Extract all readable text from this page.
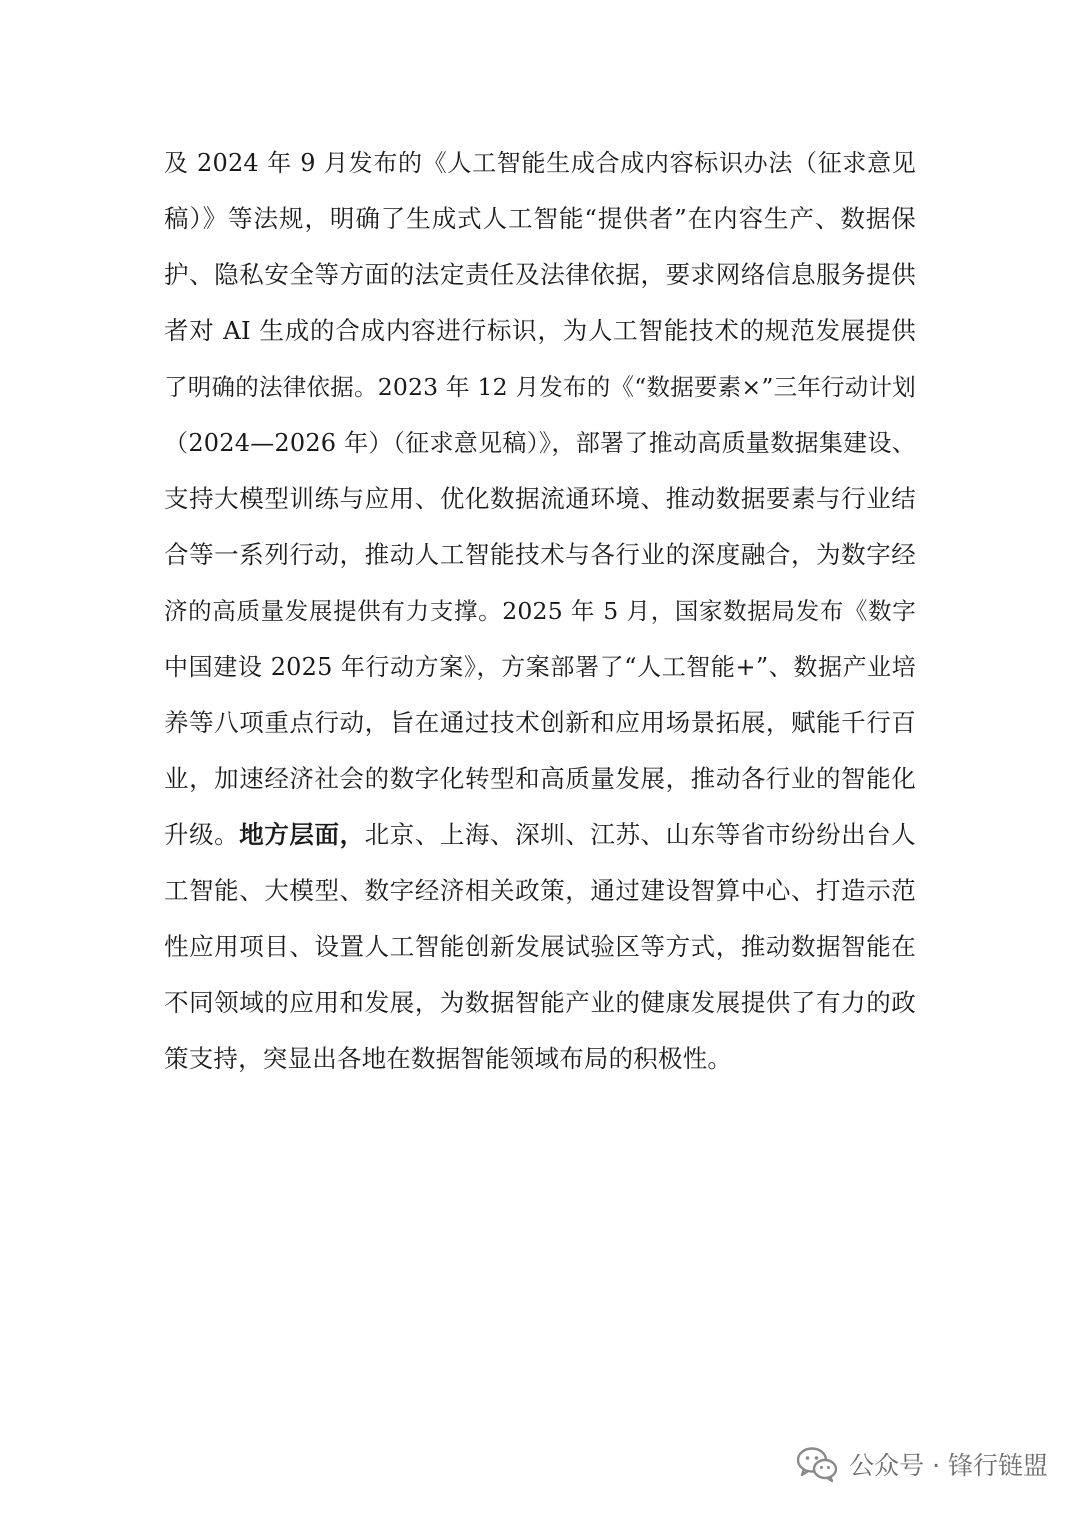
及 2024 年 9 月发布的《人工智能生成合成内容标识办法（征求意见
稿）》等法规，明确了生成式人工智能“提供者”在内容生产、数据保
护、隐私安全等方面的法定责任及法律依据，要求网络信息服务提供
者对 AI 生成的合成内容进行标识，为人工智能技术的规范发展提供
了明确的法律依据。2023 年 12 月发布的《“数据要素×”三年行动计划
（2024—2026 年）（征求意见稿）》，部署了推动高质量数据集建设、
支持大模型训练与应用、优化数据流通环境、推动数据要素与行业结
合等一系列行动，推动人工智能技术与各行业的深度融合，为数字经
济的高质量发展提供有力支撑。2025 年 5 月，国家数据局发布《数字
中国建设 2025 年行动方案》，方案部署了“人工智能+”、数据产业培
养等八项重点行动，旨在通过技术创新和应用场景拓展，赋能千行百
业，加速经济社会的数字化转型和高质量发展，推动各行业的智能化
升级。地方层面，北京、上海、深圳、江苏、山东等省市纷纷出台人
工智能、大模型、数字经济相关政策，通过建设智算中心、打造示范
性应用项目、设置人工智能创新发展试验区等方式，推动数据智能在
不同领域的应用和发展，为数据智能产业的健康发展提供了有力的政
策支持，突显出各地在数据智能领域布局的积极性。
公众号 · 锋行链盟
